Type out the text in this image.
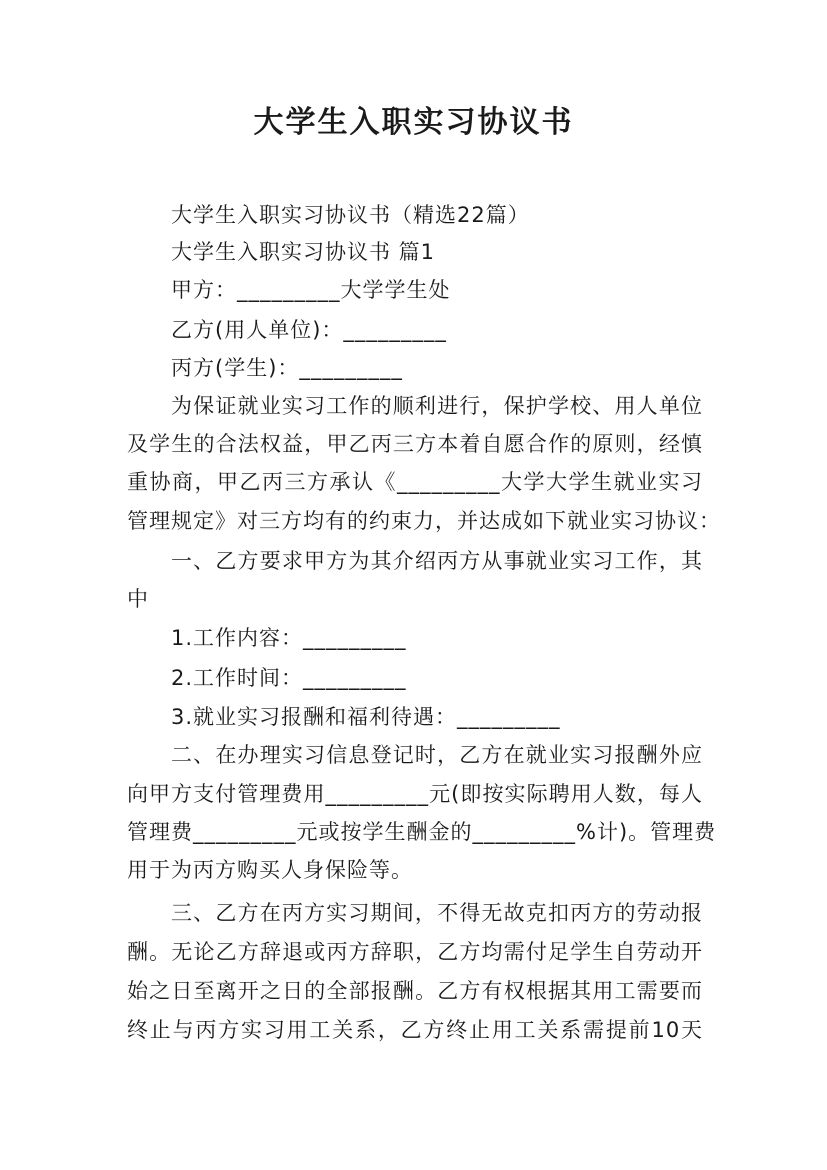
大学生入职实习协议书
大学生入职实习协议书（精选22篇）
大学生入职实习协议书 篇1
甲方：_________大学学生处
乙方(用人单位)：_________
丙方(学生)：_________
为保证就业实习工作的顺利进行，保护学校、用人单位
及学生的合法权益，甲乙丙三方本着自愿合作的原则，经慎
重协商，甲乙丙三方承认《_________大学大学生就业实习
管理规定》对三方均有的约束力，并达成如下就业实习协议：
一、乙方要求甲方为其介绍丙方从事就业实习工作，其
中
1.工作内容：_________
2.工作时间：_________
3.就业实习报酬和福利待遇：_________
二、在办理实习信息登记时，乙方在就业实习报酬外应
向甲方支付管理费用_________元(即按实际聘用人数，每人
管理费_________元或按学生酬金的_________%计)。管理费
用于为丙方购买人身保险等。
三、乙方在丙方实习期间，不得无故克扣丙方的劳动报
酬。无论乙方辞退或丙方辞职，乙方均需付足学生自劳动开
始之日至离开之日的全部报酬。乙方有权根据其用工需要而
终止与丙方实习用工关系，乙方终止用工关系需提前10天
